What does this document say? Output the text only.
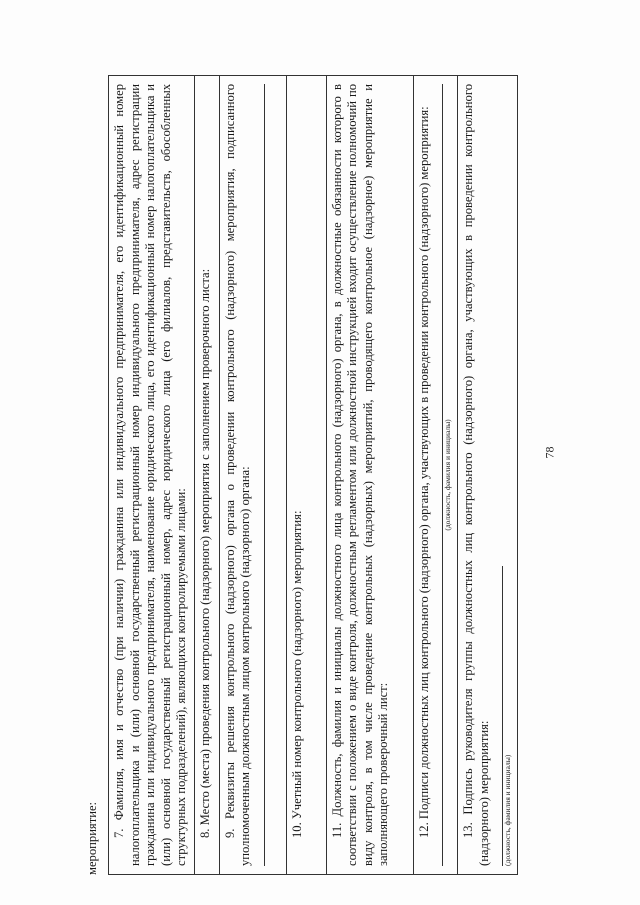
78
мероприятие:
7. Фамилия, имя и отчество (при наличии) гражданина или индивидуального предпринимателя, его идентификационный номер налогоплательщика и (или) основной государственный регистрационный номер индивидуального предпринимателя, адрес регистрации гражданина или индивидуального предпринимателя, наименование юридического лица, его идентификационный номер налогоплательщика и (или) основной государственный регистрационный номер, адрес юридического лица (его филиалов, представительств, обособленных структурных подразделений), являющихся контролируемыми лицами:

8. Место (места) проведения контрольного (надзорного) мероприятия с заполнением проверочного листа:

9. Реквизиты решения контрольного (надзорного) органа о проведении контрольного (надзорного) мероприятия, подписанного уполномоченным должностным лицом контрольного (надзорного) органа:

10. Учетный номер контрольного (надзорного) мероприятия:

11. Должность, фамилия и инициалы должностного лица контрольного (надзорного) органа, в должностные обязанности которого в соответствии с положением о виде контроля, должностным регламентом или должностной инструкцией входит осуществление полномочий по виду контроля, в том числе проведение контрольных (надзорных) мероприятий, проводящего контрольное (надзорное) мероприятие и заполняющего проверочный лист:

12. Подписи должностных лиц контрольного (надзорного) органа, участвующих в проведении контрольного (надзорного) мероприятия: (должность, фамилия и инициалы)

13. Подпись руководителя группы должностных лиц контрольного (надзорного) органа, участвующих в проведении контрольного (надзорного) мероприятия: (должность, фамилия и инициалы)
